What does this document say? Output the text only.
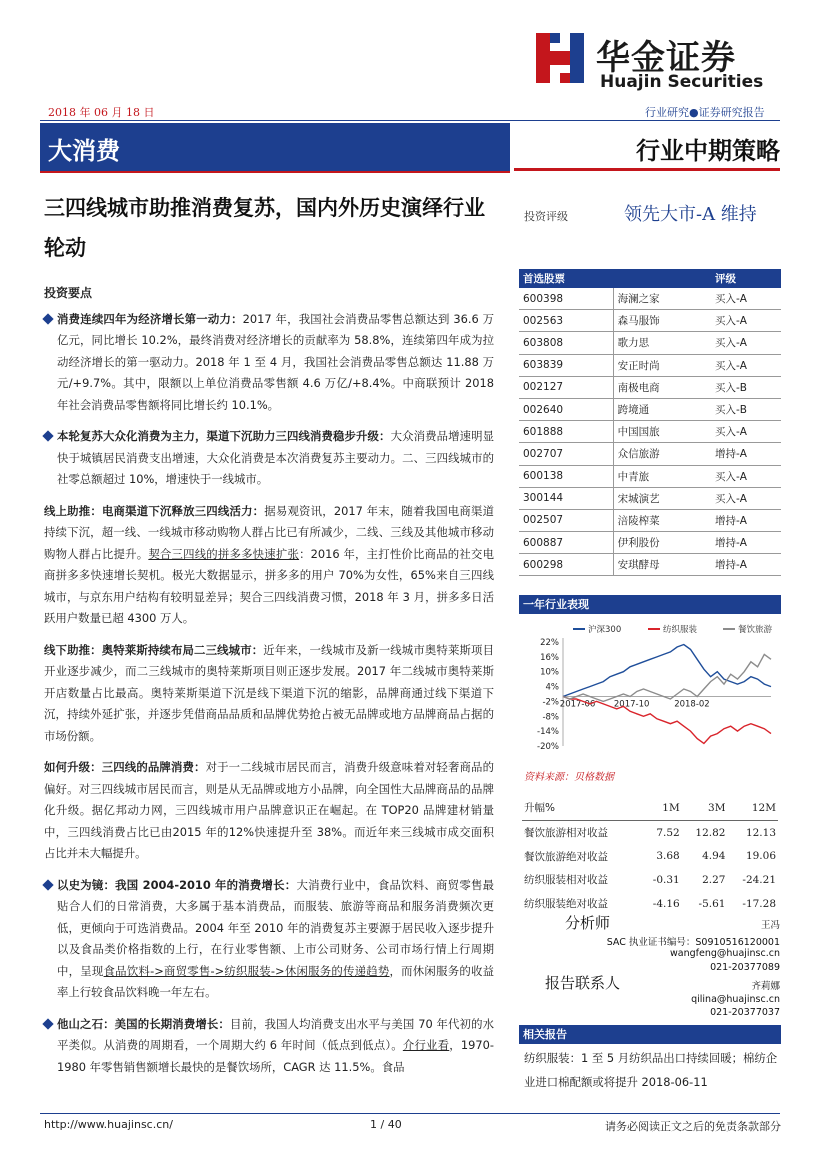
华金证券
Huajin Securities
2018 年 06 月 18 日	行业研究●证券研究报告
大消费	行业中期策略
三四线城市助推消费复苏，国内外历史演绎行业轮动
投资评级	领先大市-A 维持
投资要点

消费连续四年为经济增长第一动力：2017 年，我国社会消费品零售总额达到 36.6 万亿元，同比增长 10.2%，最终消费对经济增长的贡献率为 58.8%，连续第四年成为拉动经济增长的第一驱动力。2018 年 1 至 4 月，我国社会消费品零售总额达 11.88 万元/+9.7%。其中，限额以上单位消费品零售额 4.6 万亿/+8.4%。中商联预计 2018 年社会消费品零售额将同比增长约 10.1%。

本轮复苏大众化消费为主力，渠道下沉助力三四线消费稳步升级：大众消费品增速明显快于城镇居民消费支出增速，大众化消费是本次消费复苏主要动力。二、三四线城市的社零总额超过 10%，增速快于一线城市。

线上助推：电商渠道下沉释放三四线活力：据易观资讯，2017 年末，随着我国电商渠道持续下沉，超一线、一线城市移动购物人群占比已有所减少，二线、三线及其他城市移动购物人群占比提升。契合三四线的拼多多快速扩张：2016 年，主打性价比商品的社交电商拼多多快速增长契机。极光大数据显示，拼多多的用户 70%为女性，65%来自三四线城市，与京东用户结构有较明显差异；契合三四线消费习惯，2018 年 3 月，拼多多日活跃用户数量已超 4300 万人。

线下助推：奥特莱斯持续布局二三线城市：近年来，一线城市及新一线城市奥特莱斯项目开业逐步减少，而二三线城市的奥特莱斯项目则正逐步发展。2017 年二线城市奥特莱斯开店数量占比最高。奥特莱斯渠道下沉是线下渠道下沉的缩影，品牌商通过线下渠道下沉，持续外延扩张，并逐步凭借商品品质和品牌优势抢占被无品牌或地方品牌商品占据的市场份额。

如何升级：三四线的品牌消费：对于一二线城市居民而言，消费升级意味着对轻奢商品的偏好。对三四线城市居民而言，则是从无品牌或地方小品牌，向全国性大品牌商品的品牌化升级。据亿邦动力网，三四线城市用户品牌意识正在崛起。在 TOP20 品牌建材销量中，三四线消费占比已由2015 年的12%快速提升至 38%。而近年来三线城市成交面积占比并未大幅提升。

以史为镜：我国 2004-2010 年的消费增长：大消费行业中，食品饮料、商贸零售最贴合人们的日常消费，大多属于基本消费品，而服装、旅游等商品和服务消费频次更低，更倾向于可选消费品。2004 年至 2010 年的消费复苏主要源于居民收入逐步提升以及食品类价格指数的上行，在行业零售额、上市公司财务、公司市场行情上行周期中，呈现食品饮料->商贸零售->纺织服装->休闲服务的传递趋势，而休闲服务的收益率上行较食品饮料晚一年左右。

他山之石：美国的长期消费增长：目前，我国人均消费支出水平与美国 70 年代初的水平类似。从消费的周期看，一个周期大约 6 年时间（低点到低点）。介行业看，1970-1980 年零售销售额增长最快的是餐饮场所，CAGR 达 11.5%。食品

首选股票		评级
600398	海澜之家	买入-A
002563	森马服饰	买入-A
603808	歌力思	买入-A
603839	安正时尚	买入-A
002127	南极电商	买入-B
002640	跨境通	买入-B
601888	中国国旅	买入-A
002707	众信旅游	增持-A
600138	中青旅	买入-A
300144	宋城演艺	买入-A
002507	涪陵榨菜	增持-A
600887	伊利股份	增持-A
600298	安琪酵母	增持-A
一年行业表现
沪深300	纺织服装	餐饮旅游
22%
16%
10%
4%
-2%
-8%
-14%
-20%
2017-06 2017-10	2018-02
资料来源：贝格数据
升幅%	1M	3M	12M
餐饮旅游相对收益	7.52	12.82	12.13
餐饮旅游绝对收益	3.68	4.94	19.06
纺织服装相对收益	-0.31	2.27	-24.21
纺织服装绝对收益	-4.16	-5.61	-17.28
分析师	王冯
SAC 执业证书编号：S0910516120001
wangfeng@huajinsc.cn
021-20377089
报告联系人	齐莉娜
qilina@huajinsc.cn
021-20377037
相关报告
纺织服装：1 至 5 月纺织品出口持续回暖；棉纺企业进口棉配额或将提升 2018-06-11
http://www.huajinsc.cn/	1 / 40	请务必阅读正文之后的免责条款部分
